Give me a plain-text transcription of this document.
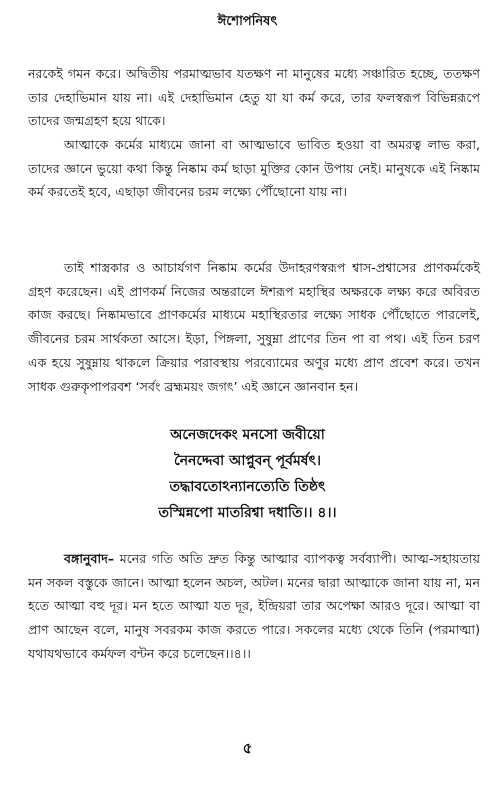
ঈশোপনিষৎ

নরকেই গমন করে। অদ্বিতীয় পরমাত্মভাব যতক্ষণ না মানুষের মধ্যে সঞ্চারিত হচ্ছে, ততক্ষণ তার দেহাভিমান যায় না। এই দেহাভিমান হেতু যা যা কর্ম করে, তার ফলস্বরূপ বিভিন্নরূপে তাদের জন্মগ্রহণ হয়ে থাকে।

আত্মাকে কর্মের মাধ্যমে জানা বা আত্মভাবে ভাবিত হওয়া বা অমরত্ব লাভ করা, তাদের জ্ঞানে ভুয়ো কথা কিন্তু নিষ্কাম কর্ম ছাড়া মুক্তির কোন উপায় নেই। মানুষকে এই নিষ্কাম কর্ম করতেই হবে, এছাড়া জীবনের চরম লক্ষ্যে পৌঁছোনো যায় না।

তাই শাস্ত্রকার ও আচার্যগণ নিষ্কাম কর্মের উদাহরণস্বরূপ শ্বাস-প্রশ্বাসের প্রাণকর্মকেই গ্রহণ করেছেন। এই প্রাণকর্ম নিজের অন্তরালে ঈশরূপ মহাস্থির অক্ষরকে লক্ষ্য করে অবিরত কাজ করছে। নিষ্কামভাবে প্রাণকর্মের মাধ্যমে মহাস্থিরতার লক্ষ্যে সাধক পৌঁছোতে পারলেই, জীবনের চরম সার্থকতা আসে। ইড়া, পিঙ্গলা, সুষুম্না প্রাণের তিন পা বা পথ। এই তিন চরণ এক হয়ে সুষুম্নায় থাকলে ক্রিয়ার পরাবস্থায় পরব্যোমের অণুর মধ্যে প্রাণ প্রবেশ করে। তখন সাধক গুরুকৃপাপরবশ ‘সর্বং ব্রহ্মময়ং জগৎ’ এই জ্ঞানে জ্ঞানবান হন।

অনেজদেকং মনসো জবীয়ো
নৈনদ্দেবা আপ্নুবন্ পূর্বমর্ষৎ।
তদ্ধাবতোঽন্যানত্যেতি তিষ্ঠৎ
তস্মিন্নপো মাতরিশ্বা দধাতি।। ৪।।

বঙ্গানুবাদ– মনের গতি অতি দ্রুত কিন্তু আত্মার ব্যাপকত্ব সর্বব্যাপী। আত্ম-সহায়তায় মন সকল বস্তুকে জানে। আত্মা হলেন অচল, অটল। মনের দ্বারা আত্মাকে জানা যায় না, মন হতে আত্মা বহু দূর। মন হতে আত্মা যত দূর, ইন্দ্রিয়রা তার অপেক্ষা আরও দূরে। আত্মা বা প্রাণ আছেন বলে, মানুষ সবরকম কাজ করতে পারে। সকলের মধ্যে থেকে তিনি (পরমাত্মা) যথাযথভাবে কর্মফল বন্টন করে চলেছেন।।৪।।

৫
